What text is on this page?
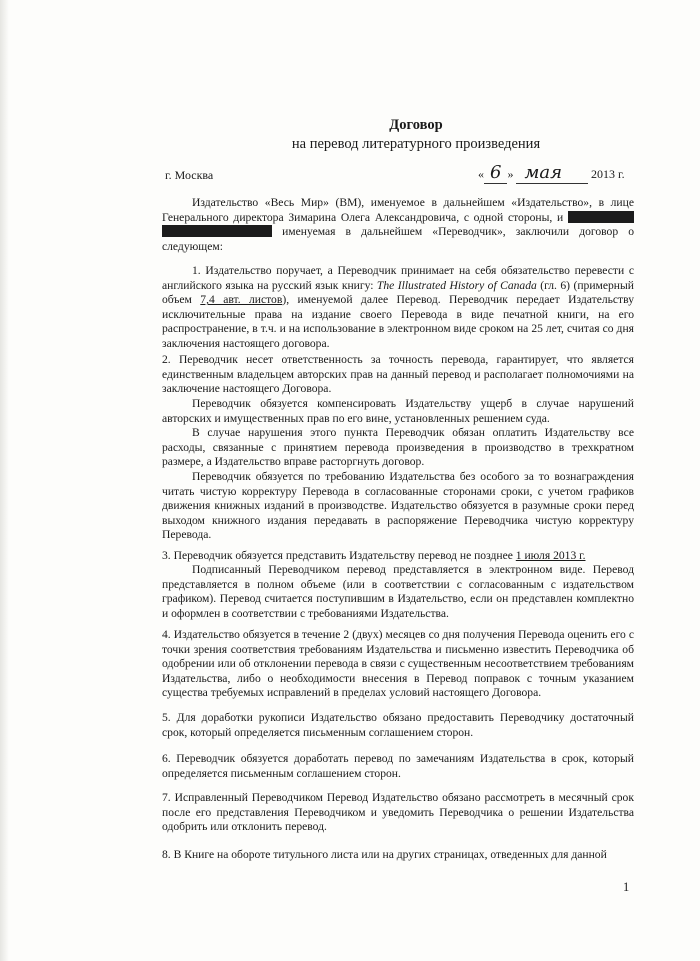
Договор
на перевод литературного произведения
г. Москва	« 6 » мая 2013 г.
Издательство «Весь Мир» (ВМ), именуемое в дальнейшем «Издательство», в лице Генерального директора Зимарина Олега Александровича, с одной стороны, и   именуемая в дальнейшем «Переводчик», заключили договор о следующем:
1. Издательство поручает, а Переводчик принимает на себя обязательство перевести с английского языка на русский язык книгу: The Illustrated History of Canada (гл. 6) (примерный объем 7,4 авт. листов), именуемой далее Перевод. Переводчик передает Издательству исключительные права на издание своего Перевода в виде печатной книги, на его распространение, в т.ч. и на использование в электронном виде сроком на 25 лет, считая со дня заключения настоящего договора.
2. Переводчик несет ответственность за точность перевода, гарантирует, что является единственным владельцем авторских прав на данный перевод и располагает полномочиями на заключение настоящего Договора.
Переводчик обязуется компенсировать Издательству ущерб в случае нарушений авторских и имущественных прав по его вине, установленных решением суда.
В случае нарушения этого пункта Переводчик обязан оплатить Издательству все расходы, связанные с принятием перевода произведения в производство в трехкратном размере, а Издательство вправе расторгнуть договор.
Переводчик обязуется по требованию Издательства без особого за то вознаграждения читать чистую корректуру Перевода в согласованные сторонами сроки, с учетом графиков движения книжных изданий в производстве. Издательство обязуется в разумные сроки перед выходом книжного издания передавать в распоряжение Переводчика чистую корректуру Перевода.
3. Переводчик обязуется представить Издательству перевод не позднее 1 июля 2013 г.
Подписанный Переводчиком перевод представляется в электронном виде. Перевод представляется в полном объеме (или в соответствии с согласованным с издательством графиком). Перевод считается поступившим в Издательство, если он представлен комплектно и оформлен в соответствии с требованиями Издательства.
4. Издательство обязуется в течение 2 (двух) месяцев со дня получения Перевода оценить его с точки зрения соответствия требованиям Издательства и письменно известить Переводчика об одобрении или об отклонении перевода в связи с существенным несоответствием требованиям Издательства, либо о необходимости внесения в Перевод поправок с точным указанием существа требуемых исправлений в пределах условий настоящего Договора.
5. Для доработки рукописи Издательство обязано предоставить Переводчику достаточный срок, который определяется письменным соглашением сторон.
6. Переводчик обязуется доработать перевод по замечаниям Издательства в срок, который определяется письменным соглашением сторон.
7. Исправленный Переводчиком Перевод Издательство обязано рассмотреть в месячный срок после его представления Переводчиком и уведомить Переводчика о решении Издательства одобрить или отклонить перевод.
8. В Книге на обороте титульного листа или на других страницах, отведенных для данной
1
